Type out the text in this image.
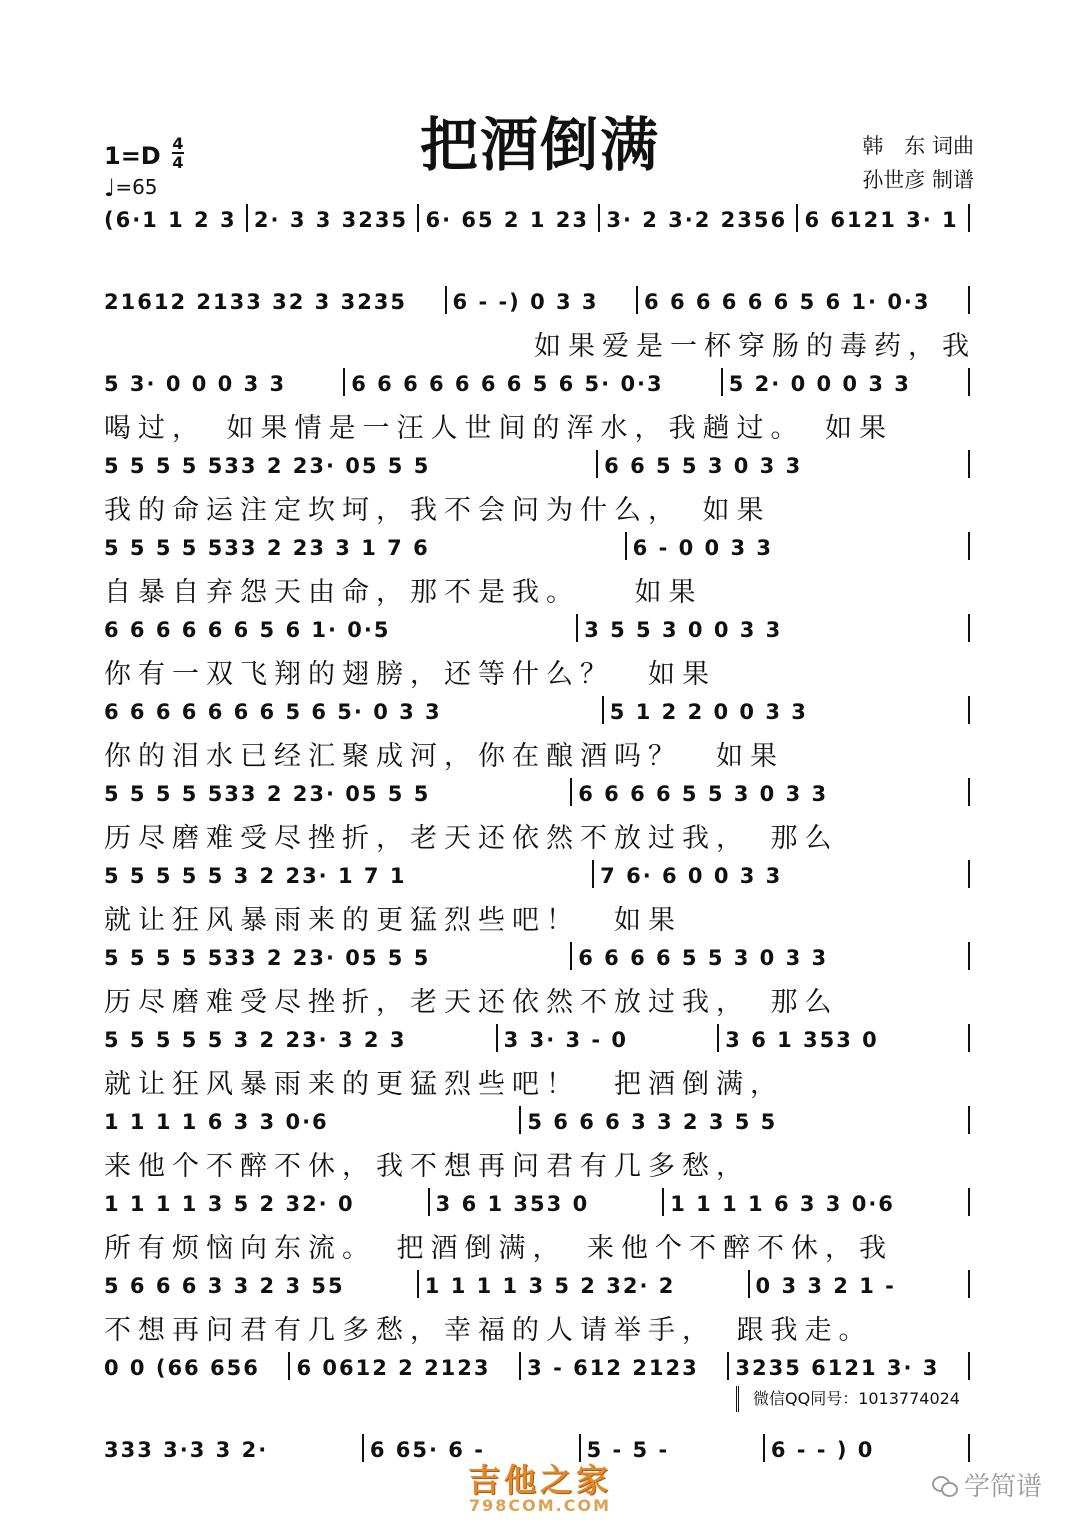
把酒倒满
1=D 4
4
♩=65
韩　东 词曲
孙世彦 制谱
(6·1 1 2 3 2· 3 3 3235 6· 65 2 1 23 3· 2 3·2 2356 6 6121 3· 1
21612 2133 32 3 3235	6 - -) 0 3 3	6 6 6 6 6 6 5 6 1· 0·3
如果爱是一杯穿肠的毒药，我
5 3· 0 0 0 3 3	6 6 6 6 6 6 6 5 6 5· 0·3	5 2· 0 0 0 3 3
喝过，　如果情是一汪人世间的浑水，我趟过。　如果
5 5 5 5 533 2 23· 05 5 5	6 6 5 5 3 0 3 3
我的命运注定坎坷，我不会问为什么，　如果
5 5 5 5 533 2 23 3 1 7 6	6 - 0 0 3 3
自暴自弃怨天由命，那不是我。　　如果
6 6 6 6 6 6 5 6 1· 0·5	3 5 5 3 0 0 3 3
你有一双飞翔的翅膀，还等什么？　如果
6 6 6 6 6 6 6 5 6 5· 0 3 3	5 1 2 2 0 0 3 3
你的泪水已经汇聚成河，你在酿酒吗？　如果
5 5 5 5 533 2 23· 05 5 5	6 6 6 6 5 5 3 0 3 3
历尽磨难受尽挫折，老天还依然不放过我，　那么
5 5 5 5 5 3 2 23· 1 7 1	7 6· 6 0 0 3 3
就让狂风暴雨来的更猛烈些吧！　如果
5 5 5 5 533 2 23· 05 5 5	6 6 6 6 5 5 3 0 3 3
历尽磨难受尽挫折，老天还依然不放过我，　那么
5 5 5 5 5 3 2 23· 3 2 3	3 3· 3 - 0	3 6 1 353 0
就让狂风暴雨来的更猛烈些吧！　把酒倒满，
1 1 1 1 6 3 3 0·6	5 6 6 6 3 3 2 3 5 5
来他个不醉不休，我不想再问君有几多愁，
1 1 1 1 3 5 2 32· 0	3 6 1 353 0	1 1 1 1 6 3 3 0·6
所有烦恼向东流。　把酒倒满，　来他个不醉不休，我
5 6 6 6 3 3 2 3 55	1 1 1 1 3 5 2 32· 2	0 3 3 2 1 -
不想再问君有几多愁，幸福的人请举手，　跟我走。
0 0 (66 656	6 0612 2 2123	3 - 612 2123	3235 6121 3· 3
333 3·3 3 2·	6 65· 6 -	5 - 5 -	6 - - ) 0
微信QQ同号：1013774024
吉他之家
798COM.COM
学简谱
